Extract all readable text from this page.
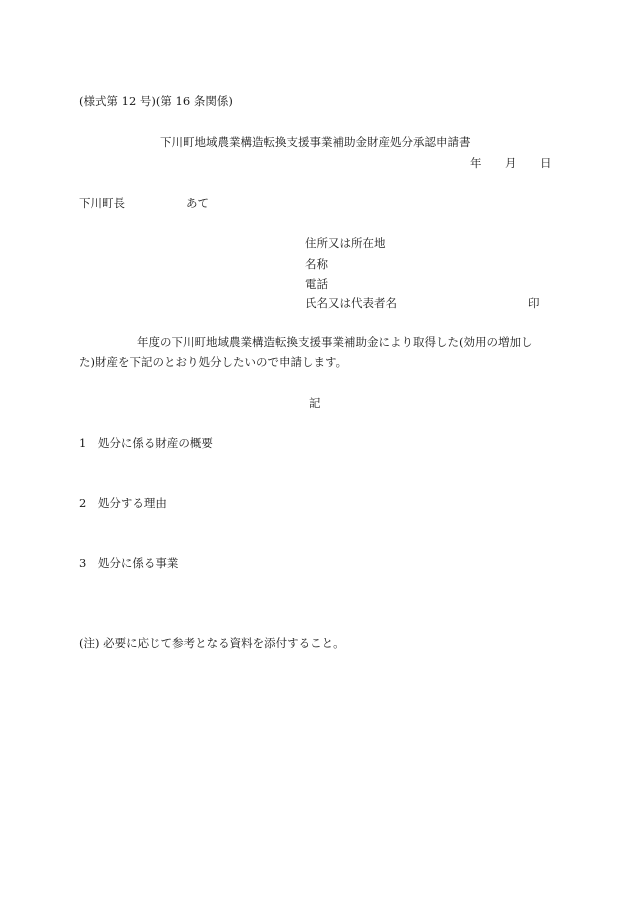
(様式第 12 号)(第 16 条関係)
下川町地域農業構造転換支援事業補助金財産処分承認申請書
年 月 日
下川町長	あて
住所又は所在地
名称
電話
氏名又は代表者名	印
年度の下川町地域農業構造転換支援事業補助金により取得した(効用の増加し
た)財産を下記のとおり処分したいので申請します。
記
1　処分に係る財産の概要
2　処分する理由
3　処分に係る事業
(注) 必要に応じて参考となる資料を添付すること。
